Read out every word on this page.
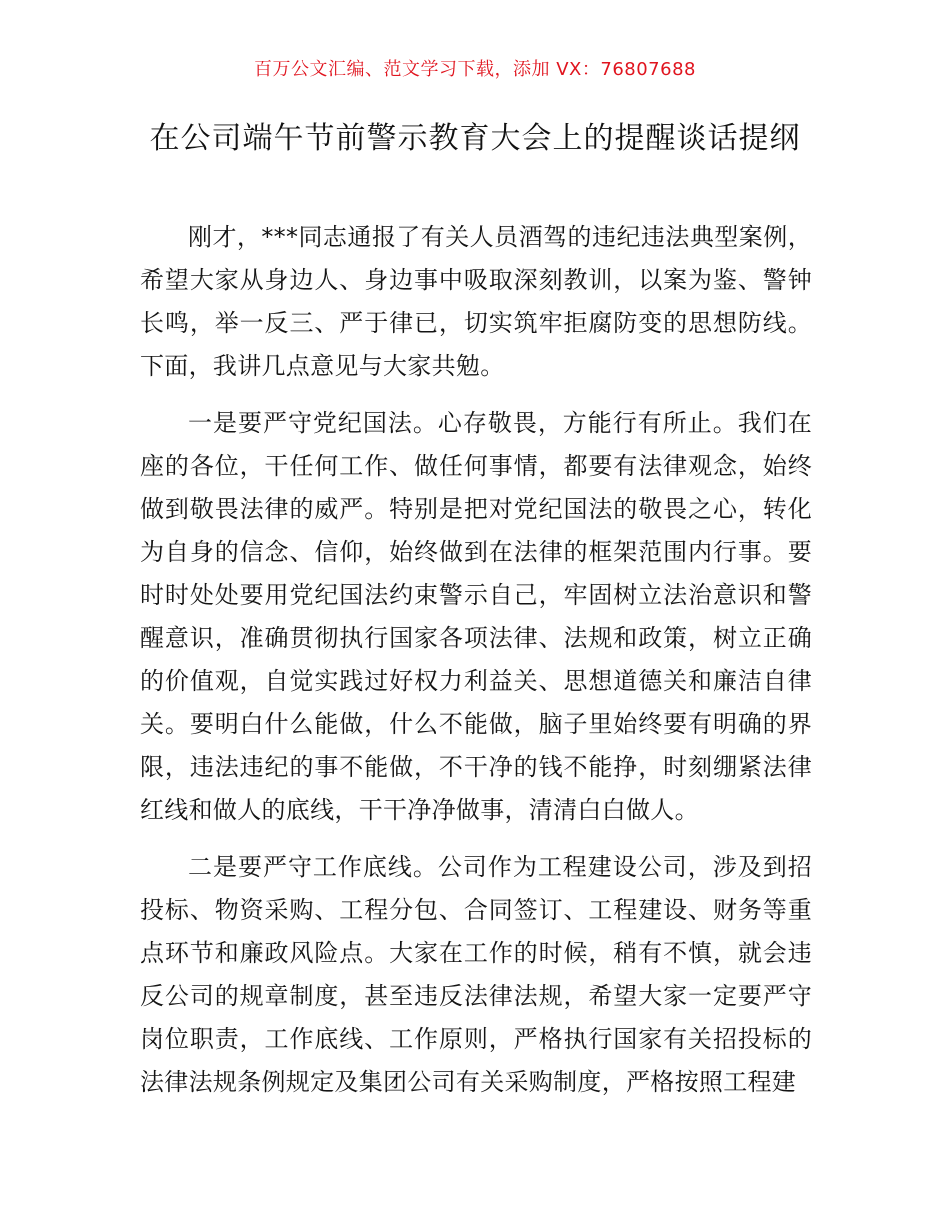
百万公文汇编、范文学习下载，添加 VX：76807688
在公司端午节前警示教育大会上的提醒谈话提纲

刚才，***同志通报了有关人员酒驾的违纪违法典型案例，希望大家从身边人、身边事中吸取深刻教训，以案为鉴、警钟长鸣，举一反三、严于律已，切实筑牢拒腐防变的思想防线。下面，我讲几点意见与大家共勉。

一是要严守党纪国法。心存敬畏，方能行有所止。我们在座的各位，干任何工作、做任何事情，都要有法律观念，始终做到敬畏法律的威严。特别是把对党纪国法的敬畏之心，转化为自身的信念、信仰，始终做到在法律的框架范围内行事。要时时处处要用党纪国法约束警示自己，牢固树立法治意识和警醒意识，准确贯彻执行国家各项法律、法规和政策，树立正确的价值观，自觉实践过好权力利益关、思想道德关和廉洁自律关。要明白什么能做，什么不能做，脑子里始终要有明确的界限，违法违纪的事不能做，不干净的钱不能挣，时刻绷紧法律红线和做人的底线，干干净净做事，清清白白做人。

二是要严守工作底线。公司作为工程建设公司，涉及到招投标、物资采购、工程分包、合同签订、工程建设、财务等重点环节和廉政风险点。大家在工作的时候，稍有不慎，就会违反公司的规章制度，甚至违反法律法规，希望大家一定要严守岗位职责，工作底线、工作原则，严格执行国家有关招投标的法律法规条例规定及集团公司有关采购制度，严格按照工程建
